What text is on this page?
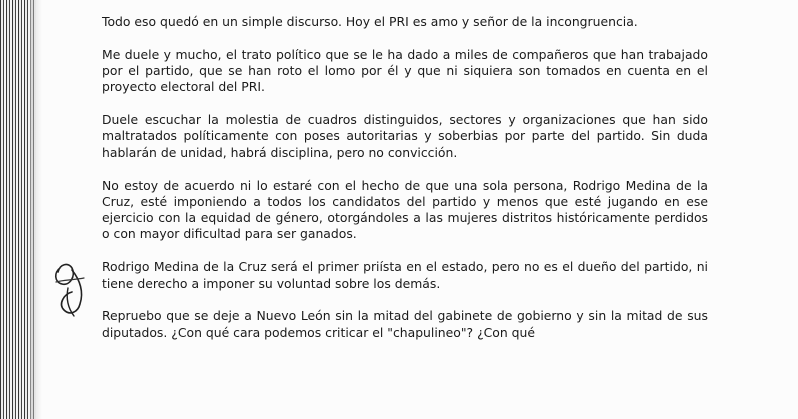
Todo eso quedó en un simple discurso. Hoy el PRI es amo y señor de la incongruencia.

Me duele y mucho, el trato político que se le ha dado a miles de compañeros que han trabajado por el partido, que se han roto el lomo por él y que ni siquiera son tomados en cuenta en el proyecto electoral del PRI.

Duele escuchar la molestia de cuadros distinguidos, sectores y organizaciones que han sido maltratados políticamente con poses autoritarias y soberbias por parte del partido. Sin duda hablarán de unidad, habrá disciplina, pero no convicción.

No estoy de acuerdo ni lo estaré con el hecho de que una sola persona, Rodrigo Medina de la Cruz, esté imponiendo a todos los candidatos del partido y menos que esté jugando en ese ejercicio con la equidad de género, otorgándoles a las mujeres distritos históricamente perdidos o con mayor dificultad para ser ganados.

Rodrigo Medina de la Cruz será el primer priísta en el estado, pero no es el dueño del partido, ni tiene derecho a imponer su voluntad sobre los demás.

Repruebo que se deje a Nuevo León sin la mitad del gabinete de gobierno y sin la mitad de sus diputados. ¿Con qué cara podemos criticar el "chapulineo"? ¿Con qué
